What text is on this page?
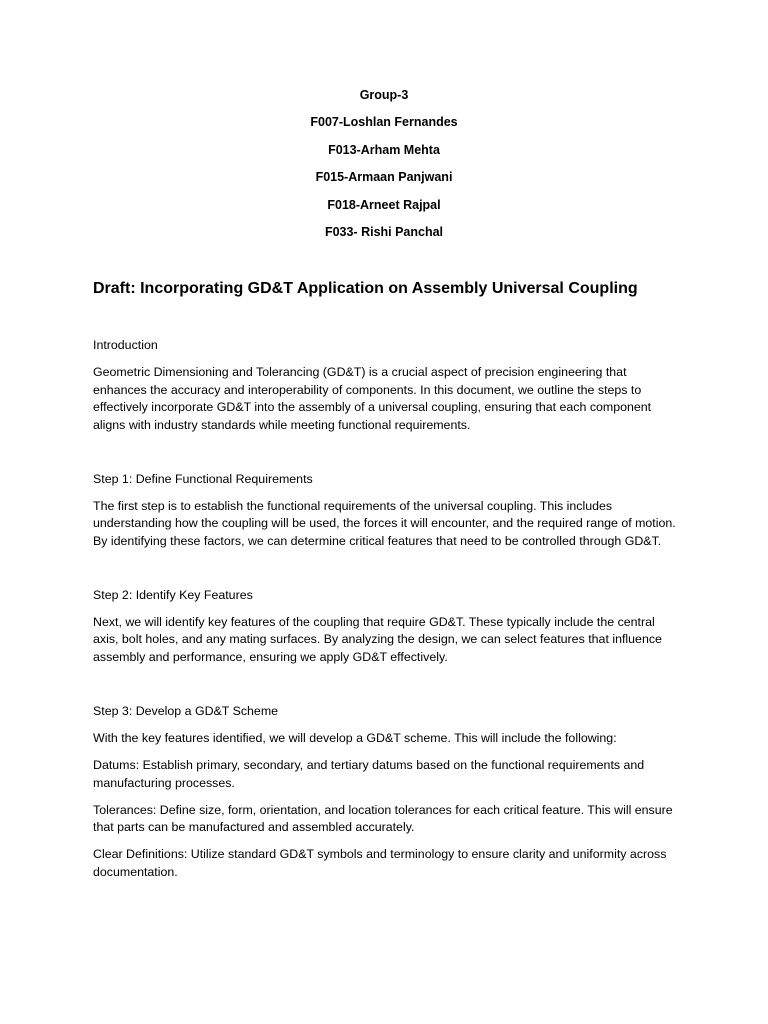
Group-3

F007-Loshlan Fernandes

F013-Arham Mehta

F015-Armaan Panjwani

F018-Arneet Rajpal

F033- Rishi Panchal

Draft: Incorporating GD&T Application on Assembly Universal Coupling

Introduction

Geometric Dimensioning and Tolerancing (GD&T) is a crucial aspect of precision engineering that enhances the accuracy and interoperability of components. In this document, we outline the steps to effectively incorporate GD&T into the assembly of a universal coupling, ensuring that each component aligns with industry standards while meeting functional requirements.

Step 1: Define Functional Requirements

The first step is to establish the functional requirements of the universal coupling. This includes understanding how the coupling will be used, the forces it will encounter, and the required range of motion. By identifying these factors, we can determine critical features that need to be controlled through GD&T.

Step 2: Identify Key Features

Next, we will identify key features of the coupling that require GD&T. These typically include the central axis, bolt holes, and any mating surfaces. By analyzing the design, we can select features that influence assembly and performance, ensuring we apply GD&T effectively.

Step 3: Develop a GD&T Scheme

With the key features identified, we will develop a GD&T scheme. This will include the following:

Datums: Establish primary, secondary, and tertiary datums based on the functional requirements and manufacturing processes.

Tolerances: Define size, form, orientation, and location tolerances for each critical feature. This will ensure that parts can be manufactured and assembled accurately.

Clear Definitions: Utilize standard GD&T symbols and terminology to ensure clarity and uniformity across documentation.
